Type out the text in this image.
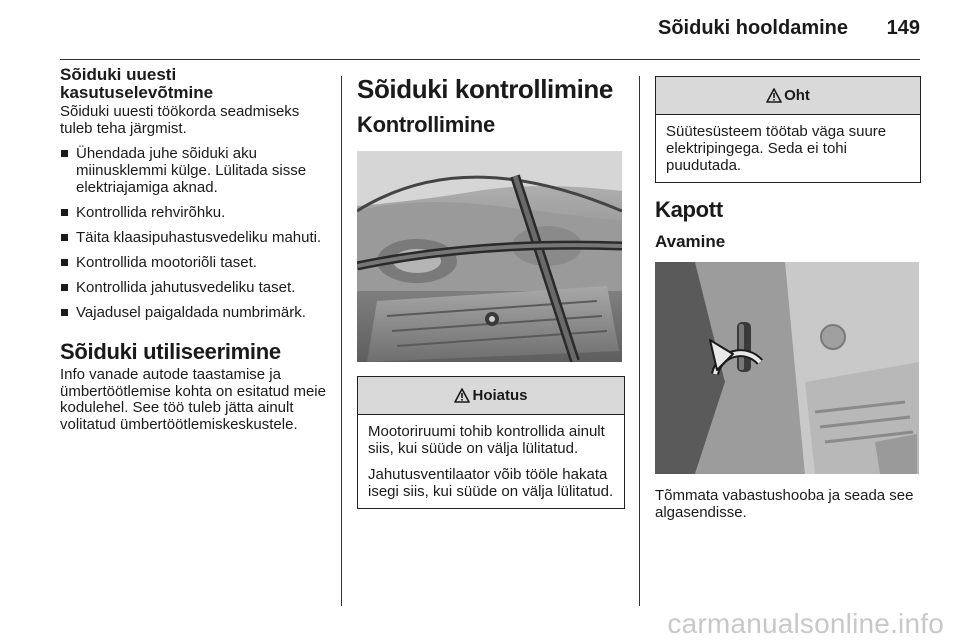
Sõiduki hooldamine 149
Sõiduki uuesti kasutuselevõtmine

Sõiduki uuesti töökorda seadmiseks tuleb teha järgmist.

Ühendada juhe sõiduki aku miinusklemmi külge. Lülitada sisse elektriajamiga aknad.
Kontrollida rehvirõhku.
Täita klaasipuhastusvedeliku mahuti.
Kontrollida mootoriõli taset.
Kontrollida jahutusvedeliku taset.
Vajadusel paigaldada numbrimärk.
Sõiduki utiliseerimine

Info vanade autode taastamise ja ümbertöötlemise kohta on esitatud meie kodulehel. See töö tuleb jätta ainult volitatud ümbertöötlemiskeskustele.

Sõiduki kontrollimine
Kontrollimine
Hoiatus

Mootoriruumi tohib kontrollida ainult siis, kui süüde on välja lülitatud.

Jahutusventilaator võib tööle hakata isegi siis, kui süüde on välja lülitatud.

Oht

Süütesüsteem töötab väga suure elektripingega. Seda ei tohi puudutada.

Kapott
Avamine

Tõmmata vabastushooba ja seada see algasendisse.

carmanualsonline.info
